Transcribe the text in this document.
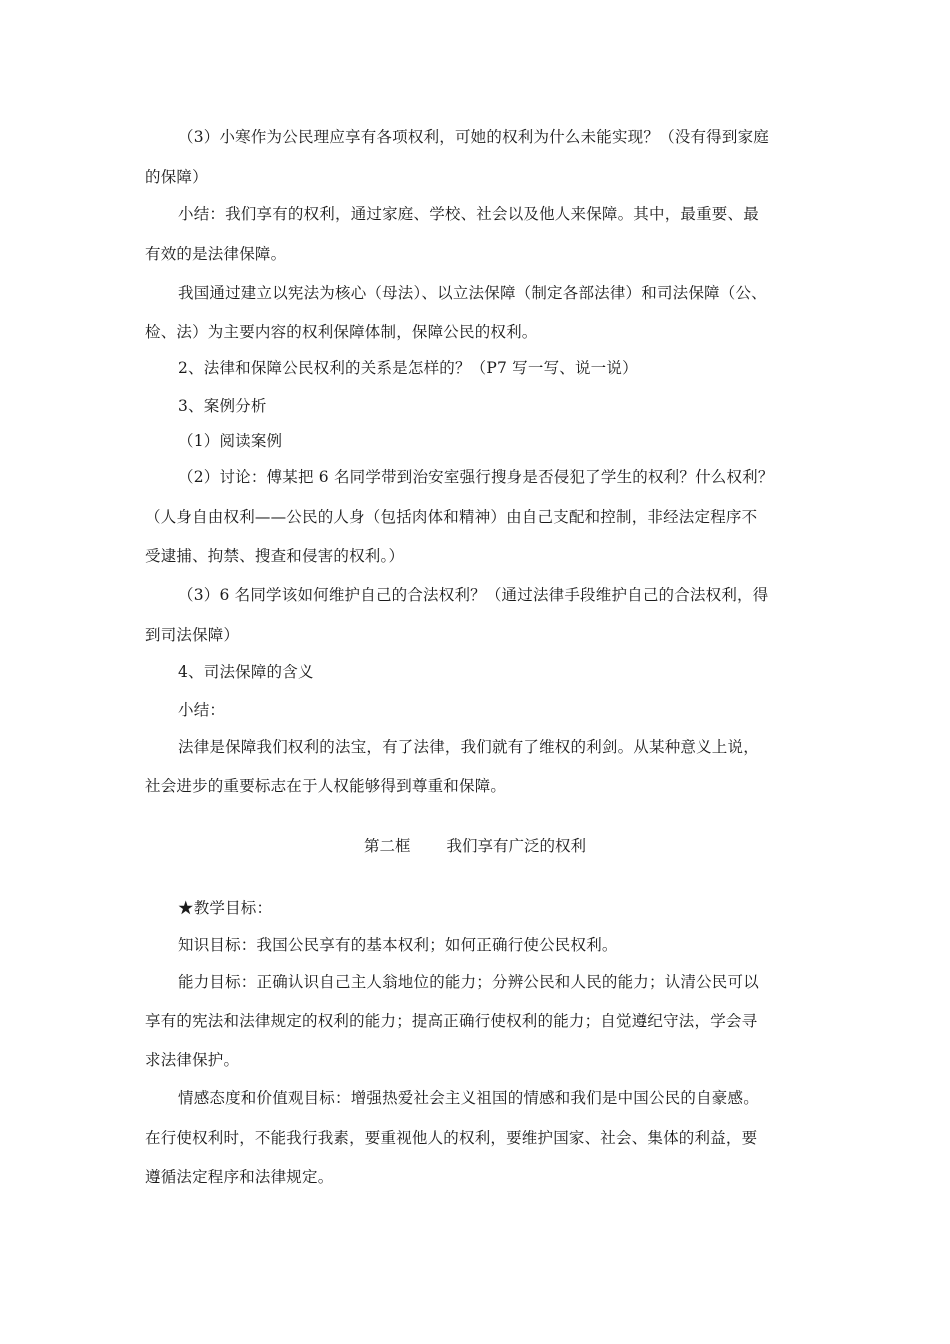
（3）小寒作为公民理应享有各项权利，可她的权利为什么未能实现？（没有得到家庭
的保障）
小结：我们享有的权利，通过家庭、学校、社会以及他人来保障。其中，最重要、最
有效的是法律保障。
我国通过建立以宪法为核心（母法）、以立法保障（制定各部法律）和司法保障（公、
检、法）为主要内容的权利保障体制，保障公民的权利。
2、法律和保障公民权利的关系是怎样的？（P7 写一写、说一说）
3、案例分析
（1）阅读案例
（2）讨论：傅某把 6 名同学带到治安室强行搜身是否侵犯了学生的权利？什么权利？
（人身自由权利——公民的人身（包括肉体和精神）由自己支配和控制，非经法定程序不
受逮捕、拘禁、搜查和侵害的权利。）
（3）6 名同学该如何维护自己的合法权利？（通过法律手段维护自己的合法权利，得
到司法保障）
4、司法保障的含义
小结：
法律是保障我们权利的法宝，有了法律，我们就有了维权的利剑。从某种意义上说，
社会进步的重要标志在于人权能够得到尊重和保障。
第二框 我们享有广泛的权利
★教学目标：
知识目标：我国公民享有的基本权利；如何正确行使公民权利。
能力目标：正确认识自己主人翁地位的能力；分辨公民和人民的能力；认清公民可以
享有的宪法和法律规定的权利的能力；提高正确行使权利的能力；自觉遵纪守法，学会寻
求法律保护。
情感态度和价值观目标：增强热爱社会主义祖国的情感和我们是中国公民的自豪感。
在行使权利时，不能我行我素，要重视他人的权利，要维护国家、社会、集体的利益，要
遵循法定程序和法律规定。
